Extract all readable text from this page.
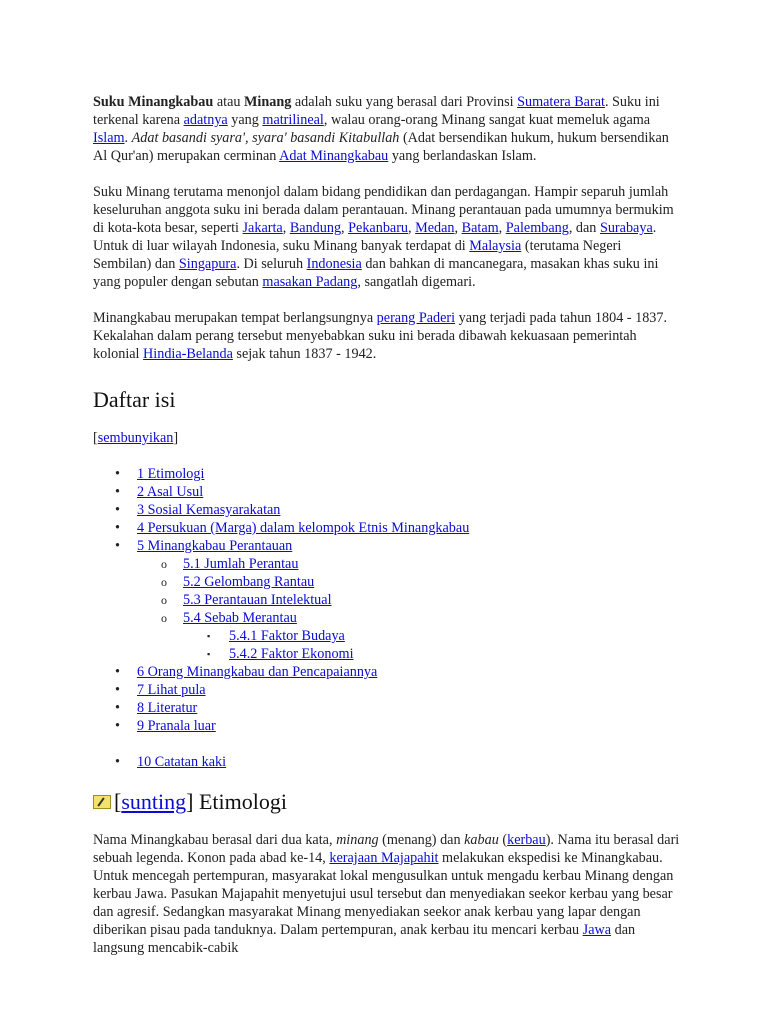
Suku Minangkabau atau Minang adalah suku yang berasal dari Provinsi Sumatera Barat. Suku ini terkenal karena adatnya yang matrilineal, walau orang-orang Minang sangat kuat memeluk agama Islam. Adat basandi syara', syara' basandi Kitabullah (Adat bersendikan hukum, hukum bersendikan Al Qur'an) merupakan cerminan Adat Minangkabau yang berlandaskan Islam.

Suku Minang terutama menonjol dalam bidang pendidikan dan perdagangan. Hampir separuh jumlah keseluruhan anggota suku ini berada dalam perantauan. Minang perantauan pada umumnya bermukim di kota-kota besar, seperti Jakarta, Bandung, Pekanbaru, Medan, Batam, Palembang, dan Surabaya. Untuk di luar wilayah Indonesia, suku Minang banyak terdapat di Malaysia (terutama Negeri Sembilan) dan Singapura. Di seluruh Indonesia dan bahkan di mancanegara, masakan khas suku ini yang populer dengan sebutan masakan Padang, sangatlah digemari.

Minangkabau merupakan tempat berlangsungnya perang Paderi yang terjadi pada tahun 1804 - 1837. Kekalahan dalam perang tersebut menyebabkan suku ini berada dibawah kekuasaan pemerintah kolonial Hindia-Belanda sejak tahun 1837 - 1942.

Daftar isi
[sembunyikan]
• 1 Etimologi
• 2 Asal Usul
• 3 Sosial Kemasyarakatan
• 4 Persukuan (Marga) dalam kelompok Etnis Minangkabau
• 5 Minangkabau Perantauan
o 5.1 Jumlah Perantau
o 5.2 Gelombang Rantau
o 5.3 Perantauan Intelektual
o 5.4 Sebab Merantau
▪ 5.4.1 Faktor Budaya
▪ 5.4.2 Faktor Ekonomi
• 6 Orang Minangkabau dan Pencapaiannya
• 7 Lihat pula
• 8 Literatur
• 9 Pranala luar
• 10 Catatan kaki
[ sunting ] Etimologi

Nama Minangkabau berasal dari dua kata, minang (menang) dan kabau (kerbau). Nama itu berasal dari sebuah legenda. Konon pada abad ke-14, kerajaan Majapahit melakukan ekspedisi ke Minangkabau. Untuk mencegah pertempuran, masyarakat lokal mengusulkan untuk mengadu kerbau Minang dengan kerbau Jawa. Pasukan Majapahit menyetujui usul tersebut dan menyediakan seekor kerbau yang besar dan agresif. Sedangkan masyarakat Minang menyediakan seekor anak kerbau yang lapar dengan diberikan pisau pada tanduknya. Dalam pertempuran, anak kerbau itu mencari kerbau Jawa dan langsung mencabik-cabik
